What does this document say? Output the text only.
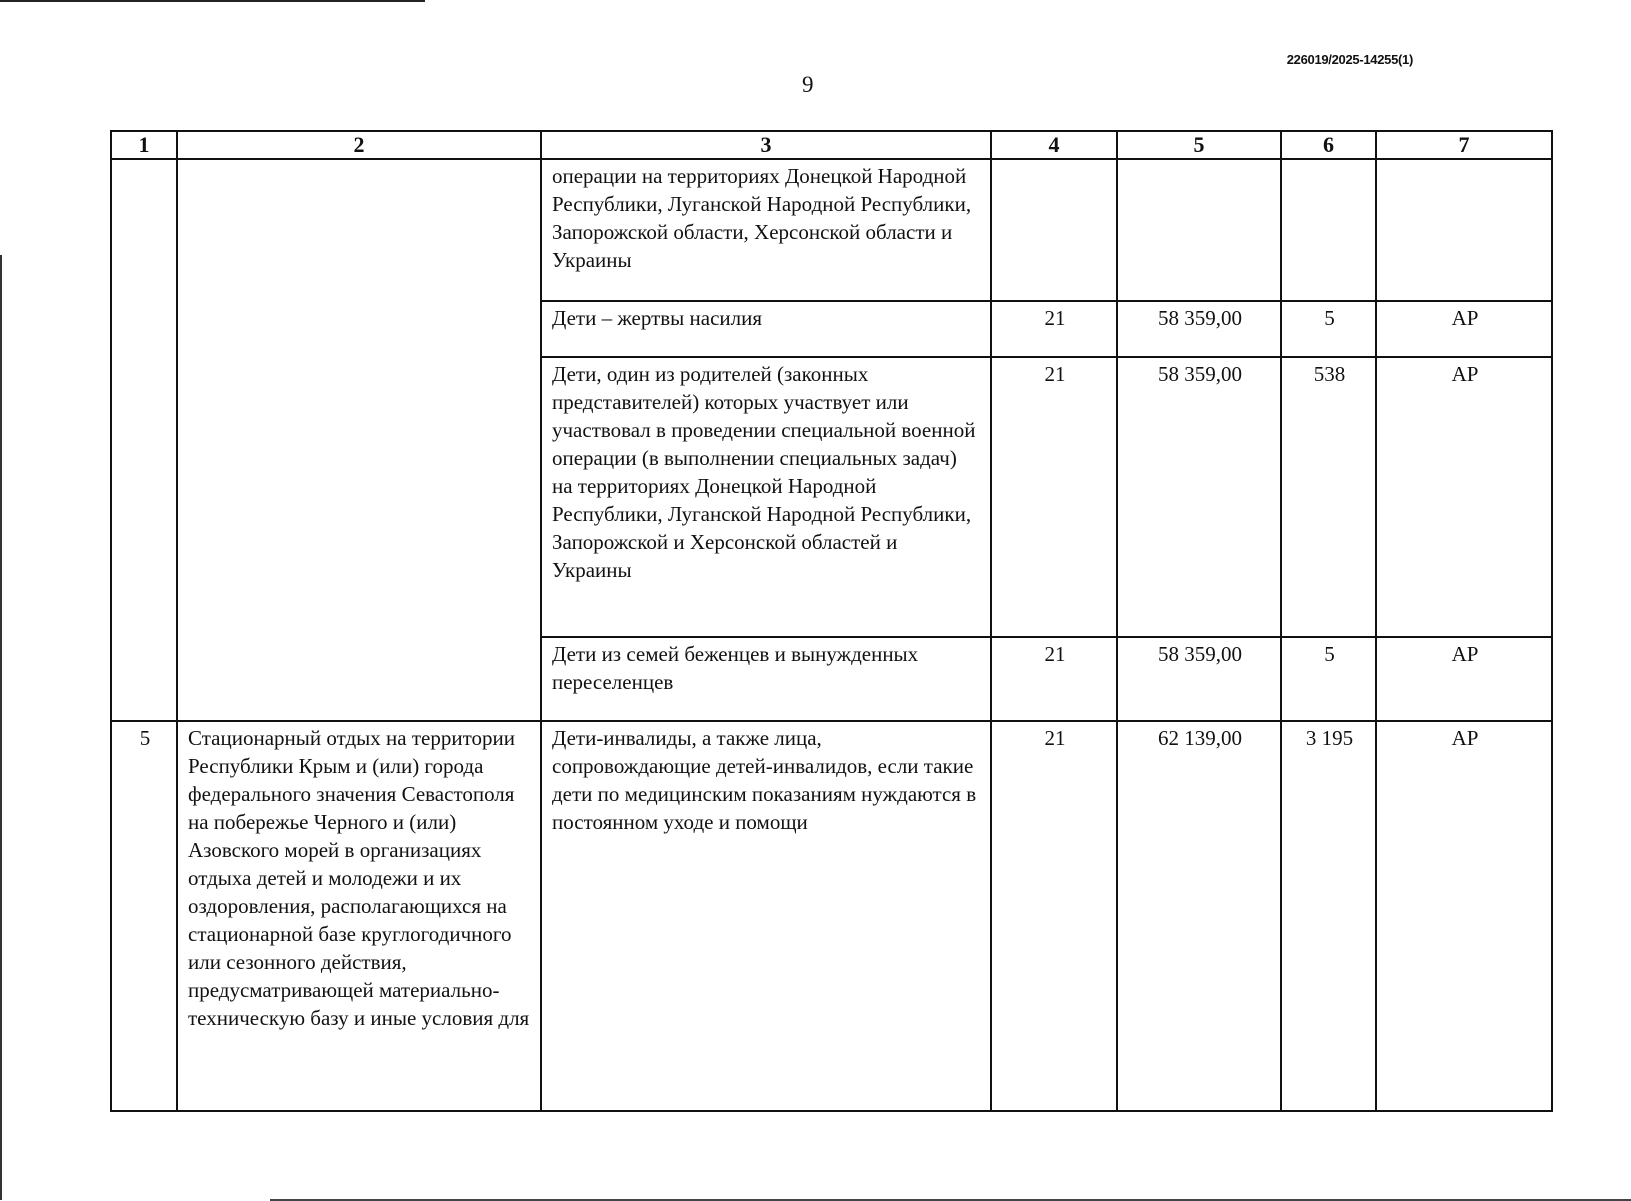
226019/2025-14255(1)
9
1	2	3	4	5	6	7
		операции на территориях Донецкой Народной Республики, Луганской Народной Республики, Запорожской области, Херсонской области и Украины				
		Дети – жертвы насилия	21	58 359,00	5	АР
		Дети, один из родителей (законных представителей) которых участвует или участвовал в проведении специальной военной операции (в выполнении специальных задач) на территориях Донецкой Народной Республики, Луганской Народной Республики, Запорожской и Херсонской областей и Украины	21	58 359,00	538	АР
		Дети из семей беженцев и вынужденных переселенцев	21	58 359,00	5	АР
5	Стационарный отдых на территории Республики Крым и (или) города федерального значения Севастополя на побережье Черного и (или) Азовского морей в организациях отдыха детей и молодежи и их оздоровления, располагающихся на стационарной базе круглогодичного или сезонного действия, предусматривающей материально-техническую базу и иные условия для	Дети-инвалиды, а также лица, сопровождающие детей-инвалидов, если такие дети по медицинским показаниям нуждаются в постоянном уходе и помощи	21	62 139,00	3 195	АР
